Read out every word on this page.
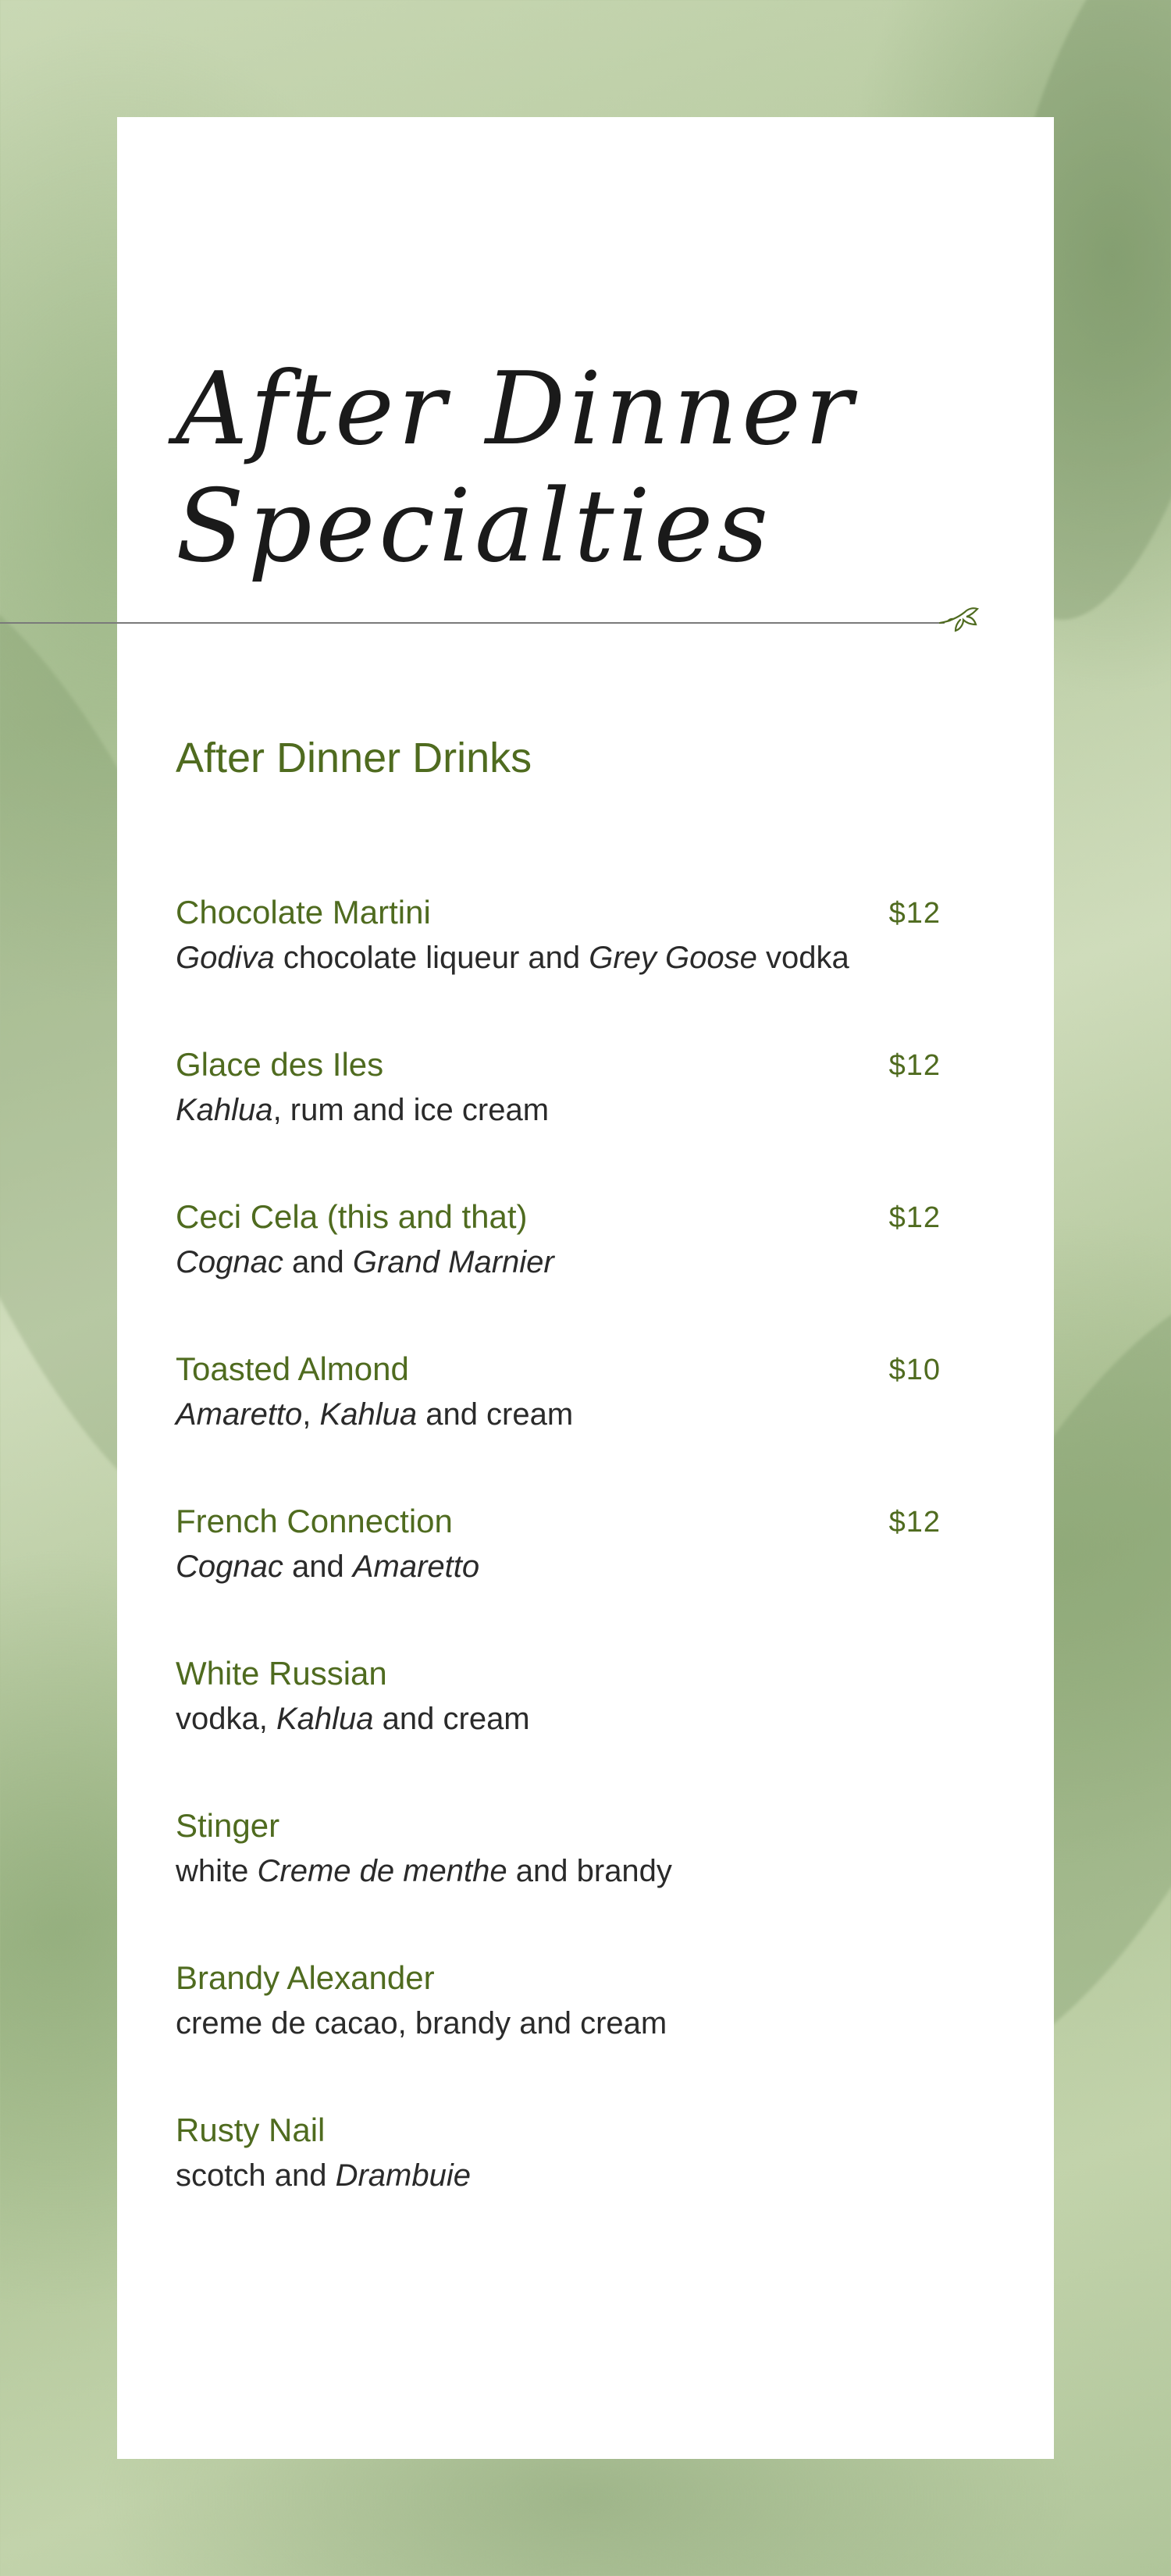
After Dinner
Specialties
After Dinner Drinks
Chocolate Martini	$12
Godiva chocolate liqueur and Grey Goose vodka
Glace des Iles	$12
Kahlua, rum and ice cream
Ceci Cela (this and that)	$12
Cognac and Grand Marnier
Toasted Almond	$10
Amaretto, Kahlua and cream
French Connection	$12
Cognac and Amaretto
White Russian
vodka, Kahlua and cream
Stinger
white Creme de menthe and brandy
Brandy Alexander
creme de cacao, brandy and cream
Rusty Nail
scotch and Drambuie
